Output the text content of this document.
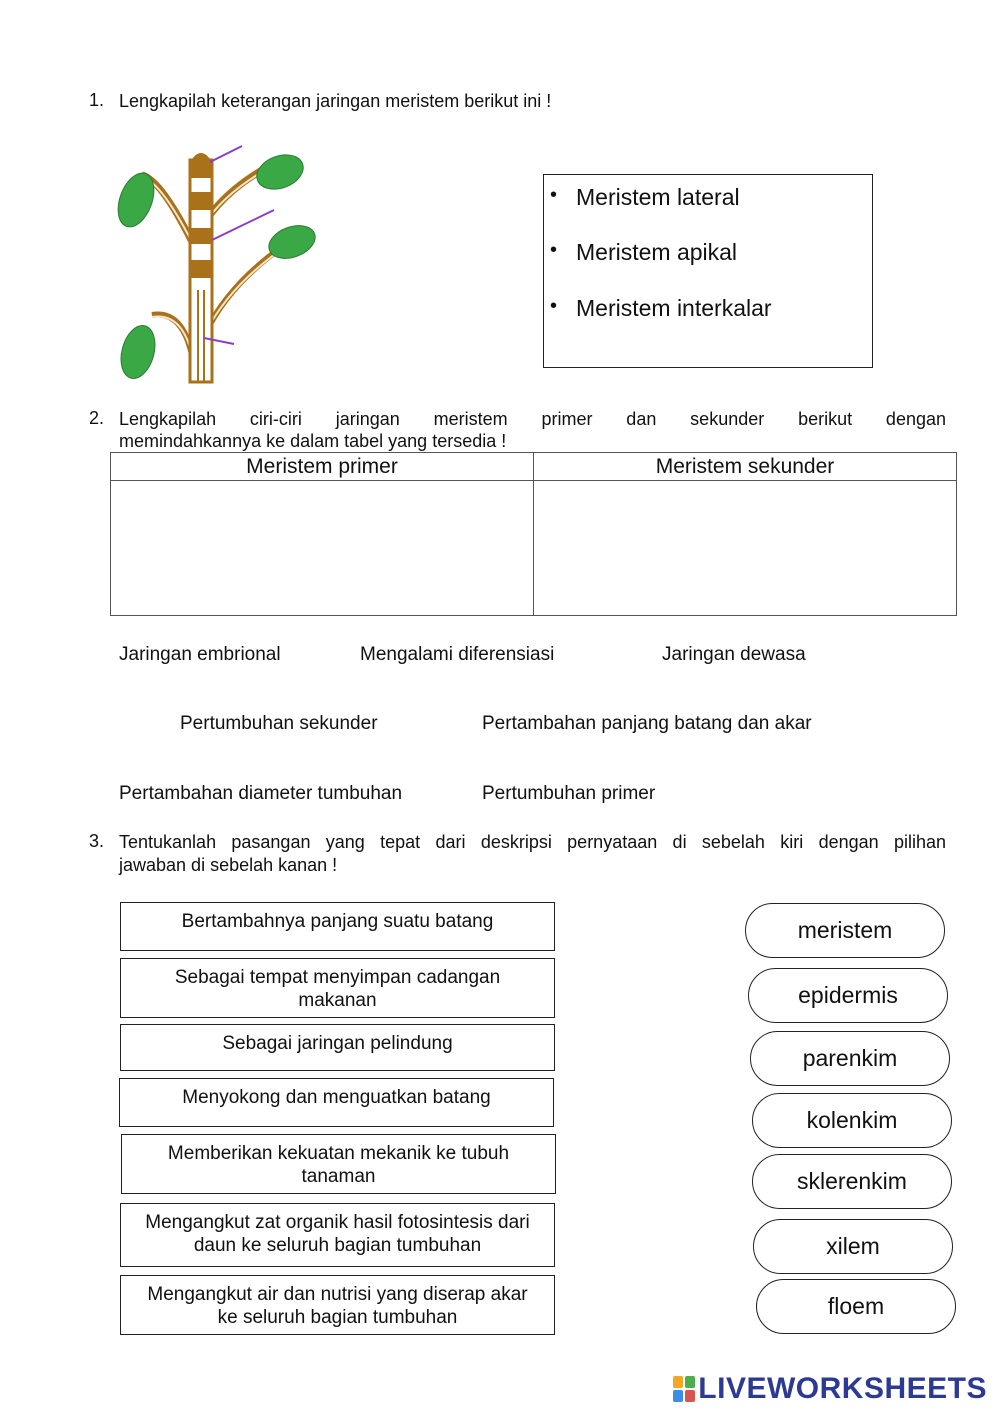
1. Lengkapilah keterangan jaringan meristem berikut ini !
• Meristem lateral
• Meristem apikal
• Meristem interkalar
2. Lengkapilah ciri-ciri jaringan meristem primer dan sekunder berikut dengan
memindahkannya ke dalam tabel yang tersedia !
Meristem primer	Meristem sekunder

Jaringan embrional	Mengalami diferensiasi	Jaringan dewasa
Pertumbuhan sekunder	Pertambahan panjang batang dan akar
Pertambahan diameter tumbuhan	Pertumbuhan primer
3. Tentukanlah pasangan yang tepat dari deskripsi pernyataan di sebelah kiri dengan pilihan
jawaban di sebelah kanan !
Bertambahnya panjang suatu batang
Sebagai tempat menyimpan cadangan
makanan
Sebagai jaringan pelindung
Menyokong dan menguatkan batang
Memberikan kekuatan mekanik ke tubuh
tanaman
Mengangkut zat organik hasil fotosintesis dari
daun ke seluruh bagian tumbuhan
Mengangkut air dan nutrisi yang diserap akar
ke seluruh bagian tumbuhan
meristem
epidermis
parenkim
kolenkim
sklerenkim
xilem
floem
LIVEWORKSHEETS
